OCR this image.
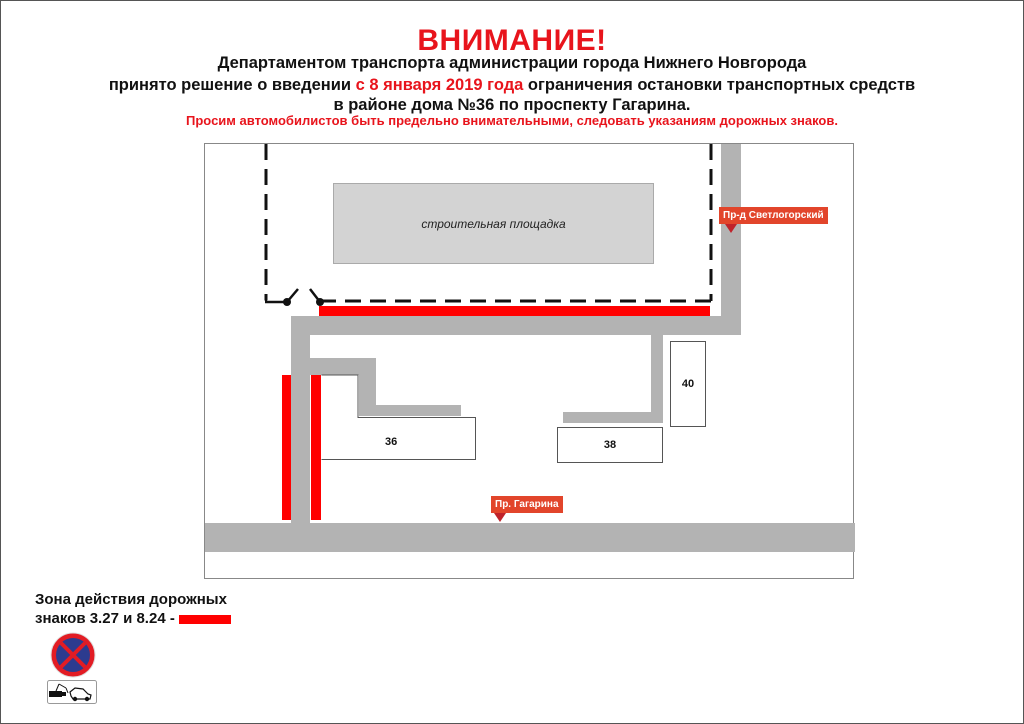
ВНИМАНИЕ!
Департаментом транспорта администрации города Нижнего Новгорода
принято решение о введении с 8 января 2019 года ограничения остановки транспортных средств
в районе дома №36 по проспекту Гагарина.
Просим автомобилистов быть предельно внимательными, следовать указаниям дорожных знаков.
строительная площадка
36	38
40
Пр-д Светлогорский
Пр. Гагарина
Зона действия дорожных
знаков 3.27 и 8.24 -
